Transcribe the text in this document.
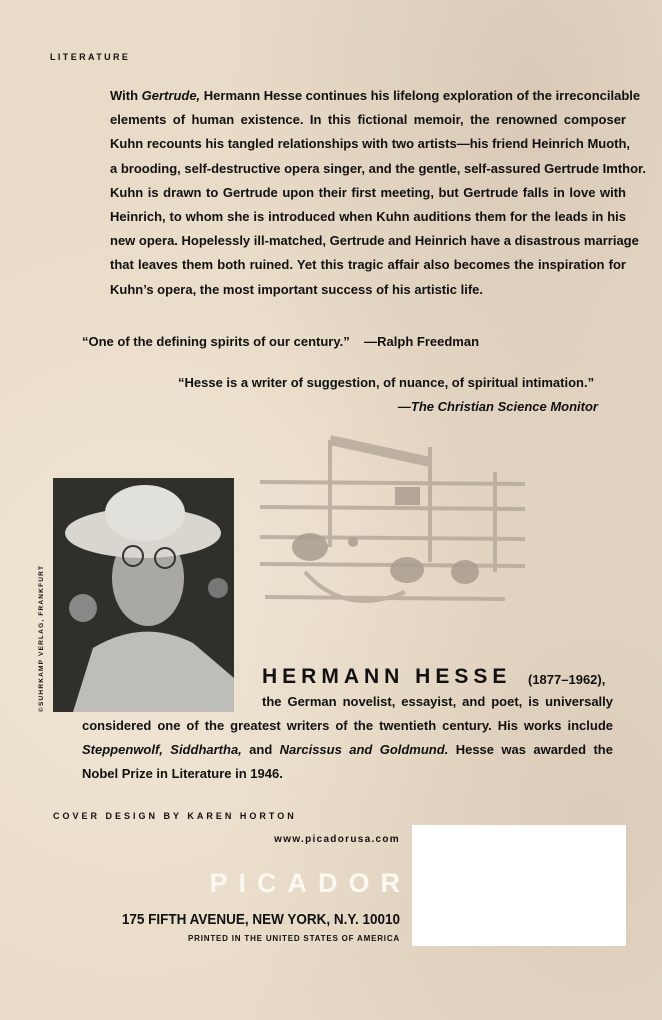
LITERATURE
With Gertrude, Hermann Hesse continues his lifelong exploration of the irreconcilable
elements of human existence. In this fictional memoir, the renowned composer
Kuhn recounts his tangled relationships with two artists—his friend Heinrich Muoth,
a brooding, self-destructive opera singer, and the gentle, self-assured Gertrude Imthor.
Kuhn is drawn to Gertrude upon their first meeting, but Gertrude falls in love with
Heinrich, to whom she is introduced when Kuhn auditions them for the leads in his
new opera. Hopelessly ill-matched, Gertrude and Heinrich have a disastrous marriage
that leaves them both ruined. Yet this tragic affair also becomes the inspiration for
Kuhn’s opera, the most important success of his artistic life.
“One of the defining spirits of our century.”    —Ralph Freedman
“Hesse is a writer of suggestion, of nuance, of spiritual intimation.”
—The Christian Science Monitor
©SUHRKAMP VERLAG, FRANKFURT	HERMANN HESSE (1877–1962),
the German novelist, essayist, and poet, is universally
considered one of the greatest writers of the twentieth century. His works include
Steppenwolf, Siddhartha, and Narcissus and Goldmund. Hesse was awarded the
Nobel Prize in Literature in 1946.
COVER DESIGN BY KAREN HORTON
www.picadorusa.com
PICADOR
175 FIFTH AVENUE, NEW YORK, N.Y. 10010
PRINTED IN THE UNITED STATES OF AMERICA
